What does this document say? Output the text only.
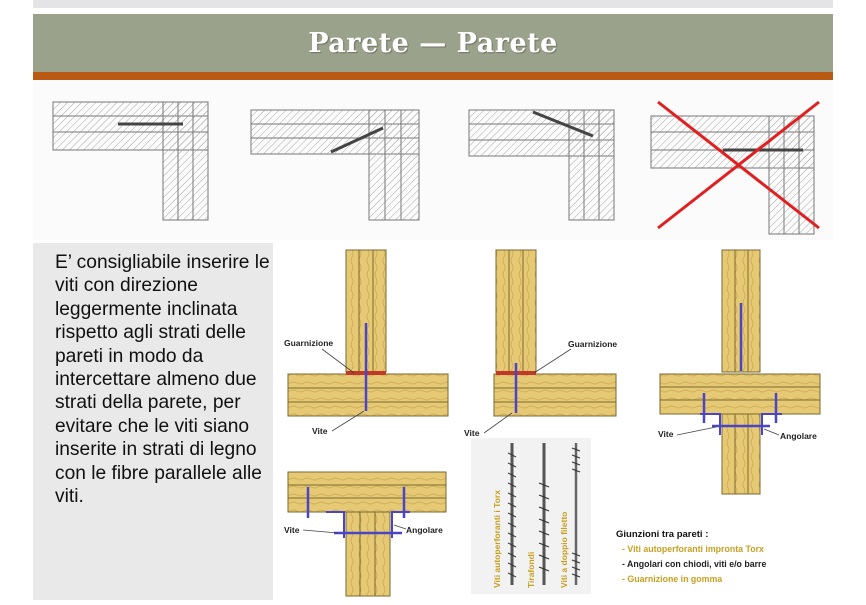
Parete — Parete

E’ consigliabile inserire le viti con direzione leggermente inclinata rispetto agli strati delle pareti in modo da intercettare almeno due strati della parete, per evitare che le viti siano inserite in strati di legno con le fibre parallele alle viti.

Guarnizione
Vite
Guarnizione
Vite	Vite	Angolare
Vite	Angolare	Viti autoperforanti i Torx	Tirafondi	Viti a doppio filetto	Giunzioni tra pareti :
- Viti autoperforanti impronta Torx
- Angolari con chiodi, viti e/o barre
- Guarnizione in gomma
